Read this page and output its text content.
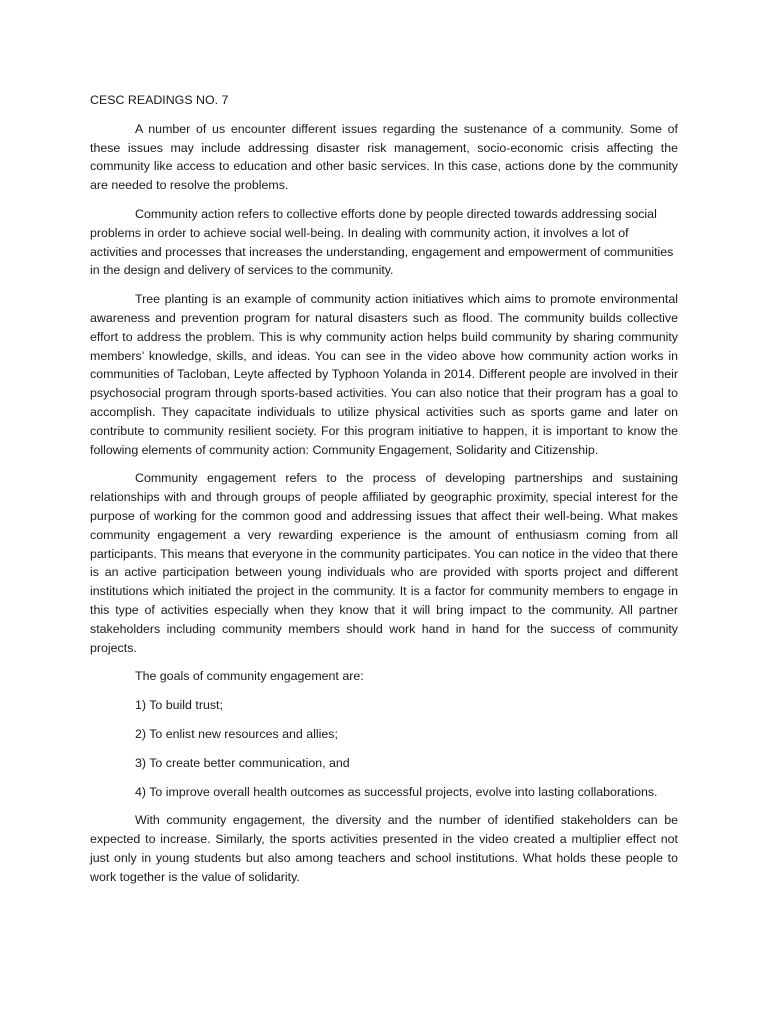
CESC READINGS NO. 7

A number of us encounter different issues regarding the sustenance of a community. Some of these issues may include addressing disaster risk management, socio-economic crisis affecting the community like access to education and other basic services. In this case, actions done by the community are needed to resolve the problems.

Community action refers to collective efforts done by people directed towards addressing social problems in order to achieve social well-being. In dealing with community action, it involves a lot of activities and processes that increases the understanding, engagement and empowerment of communities in the design and delivery of services to the community.

Tree planting is an example of community action initiatives which aims to promote environmental awareness and prevention program for natural disasters such as flood. The community builds collective effort to address the problem. This is why community action helps build community by sharing community members’ knowledge, skills, and ideas. You can see in the video above how community action works in communities of Tacloban, Leyte affected by Typhoon Yolanda in 2014. Different people are involved in their psychosocial program through sports-based activities. You can also notice that their program has a goal to accomplish. They capacitate individuals to utilize physical activities such as sports game and later on contribute to community resilient society. For this program initiative to happen, it is important to know the following elements of community action: Community Engagement, Solidarity and Citizenship.

Community engagement refers to the process of developing partnerships and sustaining relationships with and through groups of people affiliated by geographic proximity, special interest for the purpose of working for the common good and addressing issues that affect their well-being. What makes community engagement a very rewarding experience is the amount of enthusiasm coming from all participants. This means that everyone in the community participates. You can notice in the video that there is an active participation between young individuals who are provided with sports project and different institutions which initiated the project in the community. It is a factor for community members to engage in this type of activities especially when they know that it will bring impact to the community. All partner stakeholders including community members should work hand in hand for the success of community projects.

The goals of community engagement are:

1) To build trust;

2) To enlist new resources and allies;

3) To create better communication, and

4) To improve overall health outcomes as successful projects, evolve into lasting collaborations.

With community engagement, the diversity and the number of identified stakeholders can be expected to increase. Similarly, the sports activities presented in the video created a multiplier effect not just only in young students but also among teachers and school institutions. What holds these people to work together is the value of solidarity.
